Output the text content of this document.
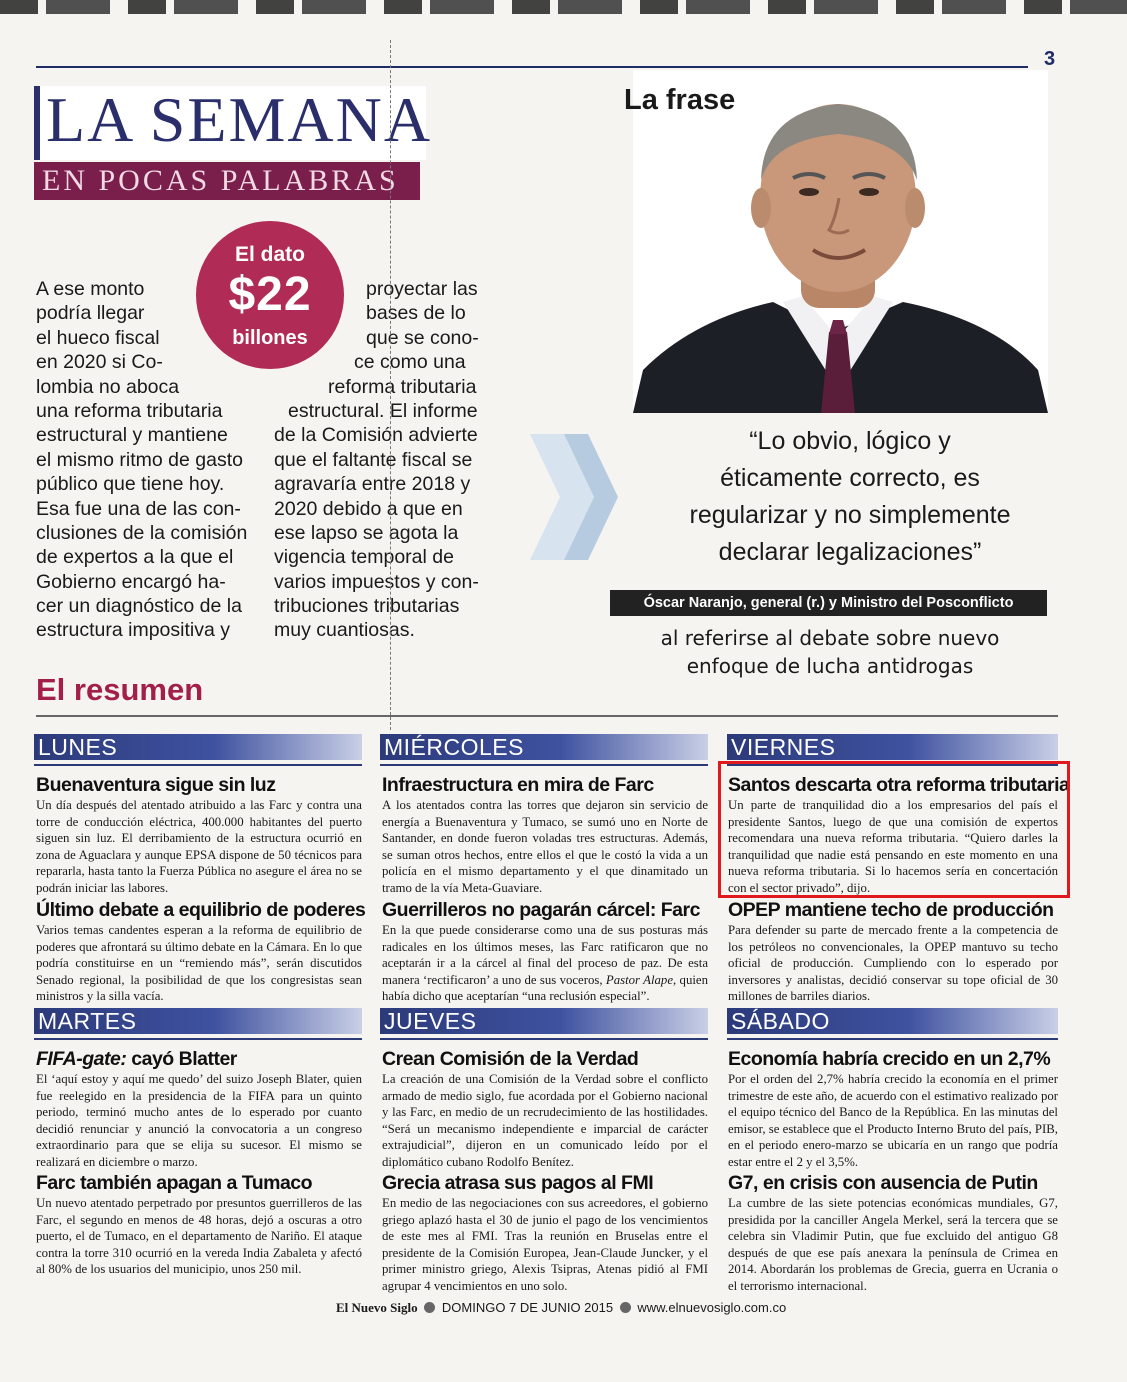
3
LA SEMANA
EN POCAS PALABRAS
A ese monto
podría llegar
el hueco fiscal
en 2020 si Co-
lombia no aboca
una reforma tributaria
estructural y mantiene
el mismo ritmo de gasto
público que tiene hoy.
Esa fue una de las con-
clusiones de la comisión
de expertos a la que el
Gobierno encargó ha-
cer un diagnóstico de la
estructura impositiva y
proyectar las
bases de lo
que se cono-
ce como una
reforma tributaria
estructural. El informe
de la Comisión advierte
que el faltante fiscal se
agravaría entre 2018 y
2020 debido a que en
ese lapso se agota la
vigencia temporal de
varios impuestos y con-
tribuciones tributarias
muy cuantiosas.
El dato
$22
billones
La frase
“Lo obvio, lógico y
éticamente correcto, es
regularizar y no simplemente
declarar legalizaciones”
Óscar Naranjo, general (r.) y Ministro del Posconflicto
al referirse al debate sobre nuevo
enfoque de lucha antidrogas
El resumen
LUNES	MIÉRCOLES	VIERNES
MARTES	JUEVES	SÁBADO
Buenaventura sigue sin luz
Un día después del atentado atribuido a las Farc y contra una torre de conducción eléctrica, 400.000 habitantes del puerto siguen sin luz. El derribamiento de la estructura ocurrió en zona de Aguaclara y aunque EPSA dispone de 50 técnicos para repararla, hasta tanto la Fuerza Pública no asegure el área no se podrán iniciar las labores.
Último debate a equilibrio de poderes
Varios temas candentes esperan a la reforma de equilibrio de poderes que afrontará su último debate en la Cámara. En lo que podría constituirse en un “remiendo más”, serán discutidos Senado regional, la posibilidad de que los congresistas sean ministros y la silla vacía.
FIFA-gate: cayó Blatter
El ‘aquí estoy y aquí me quedo’ del suizo Joseph Blater, quien fue reelegido en la presidencia de la FIFA para un quinto periodo, terminó mucho antes de lo esperado por cuanto decidió renunciar y anunció la convocatoria a un congreso extraordinario para que se elija su sucesor. El mismo se realizará en diciembre o marzo.
Farc también apagan a Tumaco
Un nuevo atentado perpetrado por presuntos guerrilleros de las Farc, el segundo en menos de 48 horas, dejó a oscuras a otro puerto, el de Tumaco, en el departamento de Nariño. El ataque contra la torre 310 ocurrió en la vereda India Zabaleta y afectó al 80% de los usuarios del municipio, unos 250 mil.
Infraestructura en mira de Farc
A los atentados contra las torres que dejaron sin servicio de energía a Buenaventura y Tumaco, se sumó uno en Norte de Santander, en donde fueron voladas tres estructuras. Además, se suman otros hechos, entre ellos el que le costó la vida a un policía en el mismo departamento y el que dinamitado un tramo de la vía Meta-Guaviare.
Guerrilleros no pagarán cárcel: Farc
En la que puede considerarse como una de sus posturas más radicales en los últimos meses, las Farc ratificaron que no aceptarán ir a la cárcel al final del proceso de paz. De esta manera ‘rectificaron’ a uno de sus voceros, Pastor Alape, quien había dicho que aceptarían “una reclusión especial”.
Crean Comisión de la Verdad
La creación de una Comisión de la Verdad sobre el conflicto armado de medio siglo, fue acordada por el Gobierno nacional y las Farc, en medio de un recrudecimiento de las hostilidades. “Será un mecanismo independiente e imparcial de carácter extrajudicial”, dijeron en un comunicado leído por el diplomático cubano Rodolfo Benítez.
Grecia atrasa sus pagos al FMI
En medio de las negociaciones con sus acreedores, el gobierno griego aplazó hasta el 30 de junio el pago de los vencimientos de este mes al FMI. Tras la reunión en Bruselas entre el presidente de la Comisión Europea, Jean-Claude Juncker, y el primer ministro griego, Alexis Tsipras, Atenas pidió al FMI agrupar 4 vencimientos en uno solo.
Santos descarta otra reforma tributaria
Un parte de tranquilidad dio a los empresarios del país el presidente Santos, luego de que una comisión de expertos recomendara una nueva reforma tributaria. “Quiero darles la tranquilidad que nadie está pensando en este momento en una nueva reforma tributaria. Si lo hacemos sería en concertación con el sector privado”, dijo.
OPEP mantiene techo de producción
Para defender su parte de mercado frente a la competencia de los petróleos no convencionales, la OPEP mantuvo su techo oficial de producción. Cumpliendo con lo esperado por inversores y analistas, decidió conservar su tope oficial de 30 millones de barriles diarios.
Economía habría crecido en un 2,7%
Por el orden del 2,7% habría crecido la economía en el primer trimestre de este año, de acuerdo con el estimativo realizado por el equipo técnico del Banco de la República. En las minutas del emisor, se establece que el Producto Interno Bruto del país, PIB, en el periodo enero-marzo se ubicaría en un rango que podría estar entre el 2 y el 3,5%.
G7, en crisis con ausencia de Putin
La cumbre de las siete potencias económicas mundiales, G7, presidida por la canciller Angela Merkel, será la tercera que se celebra sin Vladimir Putin, que fue excluido del antiguo G8 después de que ese país anexara la península de Crimea en 2014. Abordarán los problemas de Grecia, guerra en Ucrania o el terrorismo internacional.
El Nuevo Siglo DOMINGO 7 DE JUNIO 2015 www.elnuevosiglo.com.co
